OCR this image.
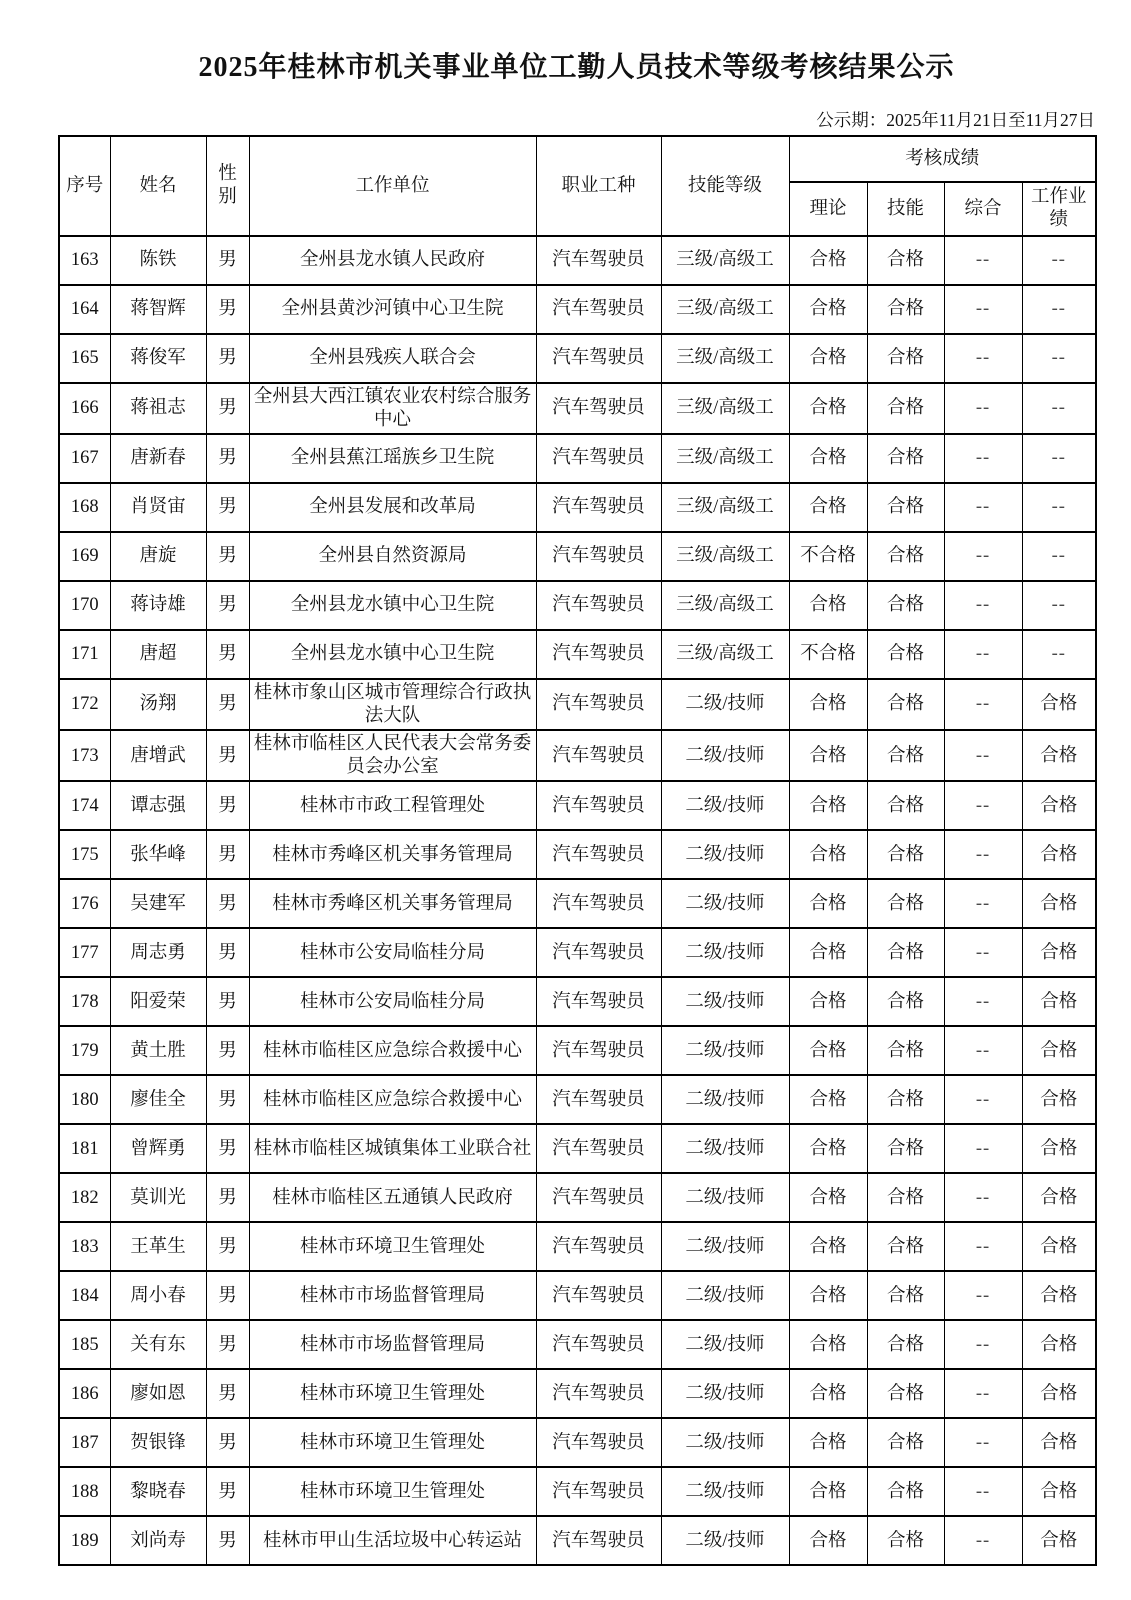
2025年桂林市机关事业单位工勤人员技术等级考核结果公示
公示期：2025年11月21日至11月27日
序号	姓名	性别	工作单位	职业工种	技能等级	考核成绩			
						理论	技能	综合	工作业绩
163	陈铁	男	全州县龙水镇人民政府	汽车驾驶员	三级/高级工	合格	合格	--	--
164	蒋智辉	男	全州县黄沙河镇中心卫生院	汽车驾驶员	三级/高级工	合格	合格	--	--
165	蒋俊军	男	全州县残疾人联合会	汽车驾驶员	三级/高级工	合格	合格	--	--
166	蒋祖志	男	全州县大西江镇农业农村综合服务中心	汽车驾驶员	三级/高级工	合格	合格	--	--
167	唐新春	男	全州县蕉江瑶族乡卫生院	汽车驾驶员	三级/高级工	合格	合格	--	--
168	肖贤宙	男	全州县发展和改革局	汽车驾驶员	三级/高级工	合格	合格	--	--
169	唐旋	男	全州县自然资源局	汽车驾驶员	三级/高级工	不合格	合格	--	--
170	蒋诗雄	男	全州县龙水镇中心卫生院	汽车驾驶员	三级/高级工	合格	合格	--	--
171	唐超	男	全州县龙水镇中心卫生院	汽车驾驶员	三级/高级工	不合格	合格	--	--
172	汤翔	男	桂林市象山区城市管理综合行政执法大队	汽车驾驶员	二级/技师	合格	合格	--	合格
173	唐增武	男	桂林市临桂区人民代表大会常务委员会办公室	汽车驾驶员	二级/技师	合格	合格	--	合格
174	谭志强	男	桂林市市政工程管理处	汽车驾驶员	二级/技师	合格	合格	--	合格
175	张华峰	男	桂林市秀峰区机关事务管理局	汽车驾驶员	二级/技师	合格	合格	--	合格
176	吴建军	男	桂林市秀峰区机关事务管理局	汽车驾驶员	二级/技师	合格	合格	--	合格
177	周志勇	男	桂林市公安局临桂分局	汽车驾驶员	二级/技师	合格	合格	--	合格
178	阳爱荣	男	桂林市公安局临桂分局	汽车驾驶员	二级/技师	合格	合格	--	合格
179	黄土胜	男	桂林市临桂区应急综合救援中心	汽车驾驶员	二级/技师	合格	合格	--	合格
180	廖佳全	男	桂林市临桂区应急综合救援中心	汽车驾驶员	二级/技师	合格	合格	--	合格
181	曾辉勇	男	桂林市临桂区城镇集体工业联合社	汽车驾驶员	二级/技师	合格	合格	--	合格
182	莫训光	男	桂林市临桂区五通镇人民政府	汽车驾驶员	二级/技师	合格	合格	--	合格
183	王革生	男	桂林市环境卫生管理处	汽车驾驶员	二级/技师	合格	合格	--	合格
184	周小春	男	桂林市市场监督管理局	汽车驾驶员	二级/技师	合格	合格	--	合格
185	关有东	男	桂林市市场监督管理局	汽车驾驶员	二级/技师	合格	合格	--	合格
186	廖如恩	男	桂林市环境卫生管理处	汽车驾驶员	二级/技师	合格	合格	--	合格
187	贺银锋	男	桂林市环境卫生管理处	汽车驾驶员	二级/技师	合格	合格	--	合格
188	黎晓春	男	桂林市环境卫生管理处	汽车驾驶员	二级/技师	合格	合格	--	合格
189	刘尚寿	男	桂林市甲山生活垃圾中心转运站	汽车驾驶员	二级/技师	合格	合格	--	合格
